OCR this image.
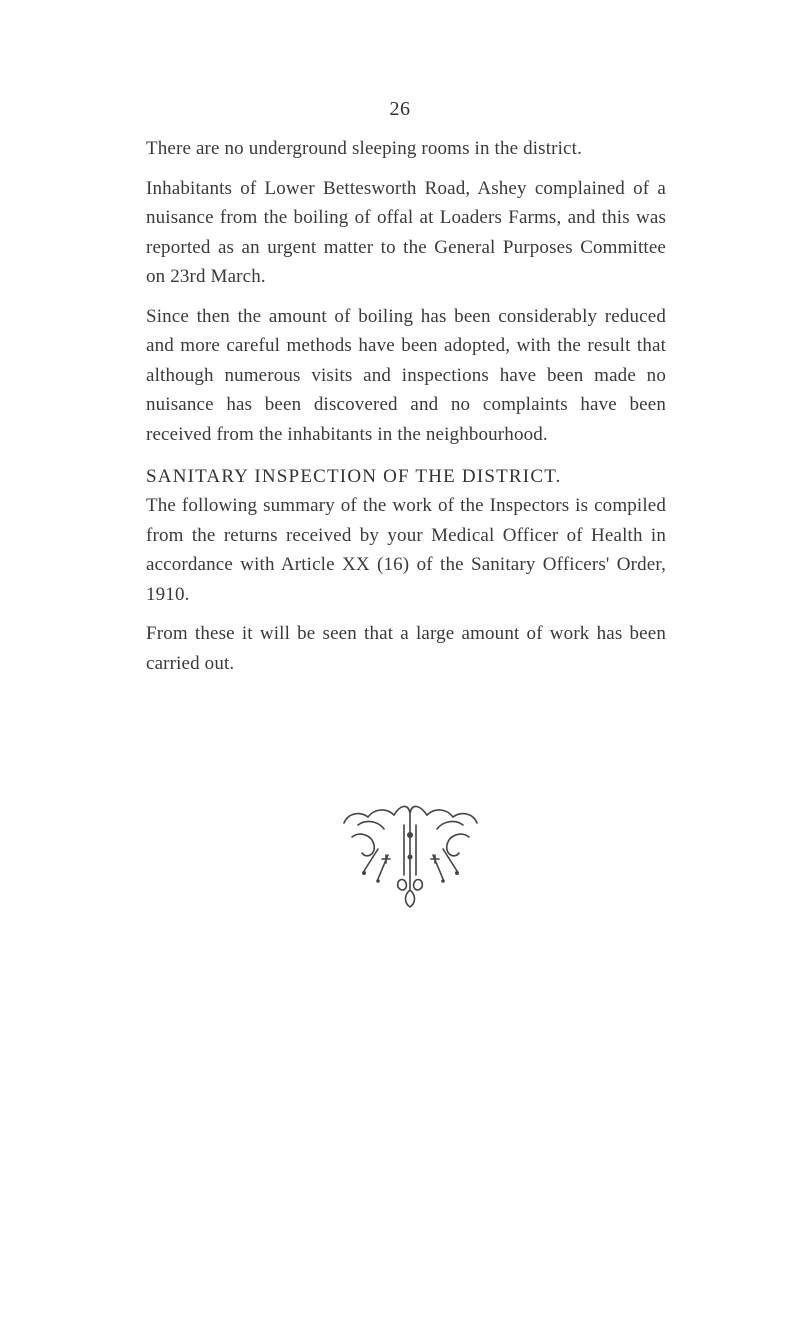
26

There are no underground sleeping rooms in the district.

Inhabitants of Lower Bettesworth Road, Ashey complained of a nuisance from the boiling of offal at Loaders Farms, and this was reported as an urgent matter to the General Purposes Committee on 23rd March.

Since then the amount of boiling has been considerably reduced and more careful methods have been adopted, with the result that although numerous visits and inspections have been made no nuisance has been discovered and no complaints have been received from the inhabitants in the neighbourhood.

SANITARY INSPECTION OF THE DISTRICT.

The following summary of the work of the Inspectors is compiled from the returns received by your Medical Officer of Health in accordance with Article XX (16) of the Sanitary Officers' Order, 1910.

From these it will be seen that a large amount of work has been carried out.
